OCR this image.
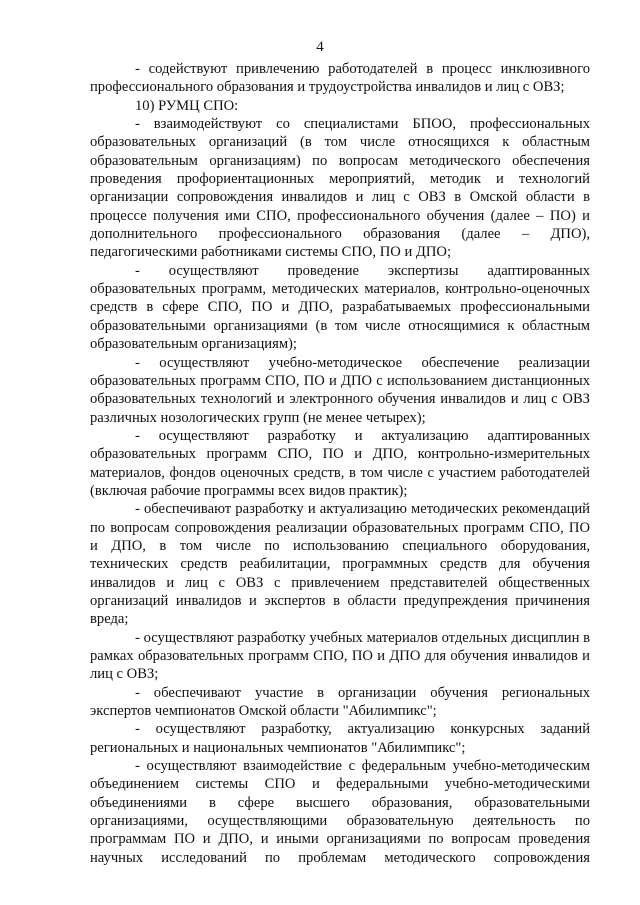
4

- содействуют привлечению работодателей в процесс инклюзивного профессионального образования и трудоустройства инвалидов и лиц с ОВЗ;

10) РУМЦ СПО:

- взаимодействуют со специалистами БПОО, профессиональных образовательных организаций (в том числе относящихся к областным образовательным организациям) по вопросам методического обеспечения проведения профориентационных мероприятий, методик и технологий организации сопровождения инвалидов и лиц с ОВЗ в Омской области в процессе получения ими СПО, профессионального обучения (далее – ПО) и дополнительного профессионального образования (далее – ДПО), педагогическими работниками системы СПО, ПО и ДПО;

- осуществляют проведение экспертизы адаптированных образовательных программ, методических материалов, контрольно-оценочных средств в сфере СПО, ПО и ДПО, разрабатываемых профессиональными образовательными организациями (в том числе относящимися к областным образовательным организациям);

- осуществляют учебно-методическое обеспечение реализации образовательных программ СПО, ПО и ДПО с использованием дистанционных образовательных технологий и электронного обучения инвалидов и лиц с ОВЗ различных нозологических групп (не менее четырех);

- осуществляют разработку и актуализацию адаптированных образовательных программ СПО, ПО и ДПО, контрольно-измерительных материалов, фондов оценочных средств, в том числе с участием работодателей (включая рабочие программы всех видов практик);

- обеспечивают разработку и актуализацию методических рекомендаций по вопросам сопровождения реализации образовательных программ СПО, ПО и ДПО, в том числе по использованию специального оборудования, технических средств реабилитации, программных средств для обучения инвалидов и лиц с ОВЗ с привлечением представителей общественных организаций инвалидов и экспертов в области предупреждения причинения вреда;

- осуществляют разработку учебных материалов отдельных дисциплин в рамках образовательных программ СПО, ПО и ДПО для обучения инвалидов и лиц с ОВЗ;

- обеспечивают участие в организации обучения региональных экспертов чемпионатов Омской области "Абилимпикс";

- осуществляют разработку, актуализацию конкурсных заданий региональных и национальных чемпионатов "Абилимпикс";

- осуществляют взаимодействие с федеральным учебно-методическим объединением системы СПО и федеральными учебно-методическими объединениями в сфере высшего образования, образовательными организациями, осуществляющими образовательную деятельность по программам ПО и ДПО, и иными организациями по вопросам проведения научных исследований по проблемам методического сопровождения
